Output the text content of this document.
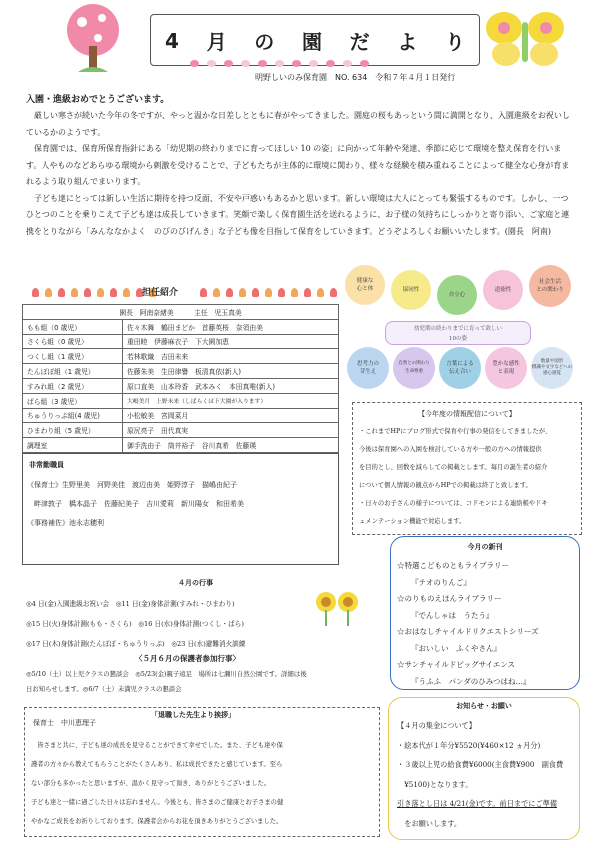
4 月 の 園 だ よ り
明野しいのみ保育園　NO. 634　令和７年４月１日発行
入園・進級おめでとうございます。

　厳しい寒さが続いた今年の冬ですが、やっと温かな日差しとともに春がやってきました。園庭の桜もあっという間に満開となり、入園進級をお祝いしているかのようです。

　保育園では、保育所保育指針にある「幼児期の終わりまでに育ってほしい 10 の姿」に向かって年齢や発達、季節に応じて環境を整え保育を行います。人やものなどあらゆる環境から刺激を受けることで、子どもたちが主体的に環境に関わり、様々な経験を積み重ねることによって健全な心身が育まれるよう取り組んでまいります。

　子ども達にとっては新しい生活に期待を持つ反面、不安や戸惑いもあるかと思います。新しい環境は大人にとっても緊張するものです。しかし、一つひとつのことを乗りこえて子ども達は成長していきます。笑顔で楽しく保育園生活を送れるように、お子様の気持ちにしっかりと寄り添い、ご家庭と連携をとりながら「みんななかよく　のびのびげんき」な子ども像を目指して保育をしていきます。どうぞよろしくお願いいたします。(園長　阿南)

担任紹介
園長　阿南奈緒美　　　主任　児玉真美	
もも組（0 歳児）	佐々木舞　鶴田まどか　首藤英桜　奈須由美
さくら組（0 歳児）	重田睦　伊藤麻衣子　下大園加恵
つくし組（1 歳児）	若林歌織　吉田未来
たんぽぽ組（1 歳児）	佐藤朱美　生田律譽　板清真依(新人)
すみれ組（2 歳児）	原口直美　山本玲香　武本みく　本田真唯(新人)
ばら組（3 歳児）	大嶋美月　上野未来（しばらくは下大園が入ります）
ちゅうりっぷ組(4 歳児)	小松敏美　宮岡菜月
ひまわり組（5 歳児）	原尻亮子　田代真実
調理室	御手洗由子　筒井裕子　谷川真希　佐藤瑛
非常勤職員
《保育士》生野里美　河野美佳　渡辺由美　姫野淳子　猫嶋由紀子
　畔津敦子　橋本晶子　佐藤紀美子　吉川愛莉　新川陽女　和田希美
《事務補佐》池永志穂利
健康な
心と体	協同性
自立心
道徳性
社会生活
との関わり
幼児期の終わりまでに育って欲しい
10の姿
思考力の
芽生え
自然との関わり
生命尊重
言葉による
伝え合い
豊かな感性
と表現
数量や図形
標識や文字などへの
感心感覚
【今年度の情報配信について】
・これまでHPにブログ形式で保育や行事の発信をしてきましたが、
今後は保育園への入園を検討している方や一般の方への情報提供
を目的とし、回数を減らしての掲載とします。毎月の誕生者の紹介
について個人情報の観点からHPでの掲載は終了と致します。
・日々のお子さんの様子については、コドモンによる連絡帳やドキ
ュメンテーション機能で対応します。
今月の新刊
☆特選こどものともライブラリー
『テオのりんご』
☆のりものえほんライブラリー
『でんしゃは　うたう』
☆おはなしチャイルドリクエストシリーズ
『おいしい　ふくやさん』
☆サンチャイルドビッグサイエンス
『うふふ　パンダのひみつはね…』
４月の行事
◎4 日(金)入園進級お祝い会　◎11 日(金)身体計測(すみれ・ひまわり)
◎15 日(火)身体計測(もも・さくら)　◎16 日(水)身体計測(つくし・ばら)
◎17 日(木)身体計測(たんぽぽ・ちゅうりっぷ)　◎23 日(水)避難消火訓練
〈５月６月の保護者参加行事〉
◎5/10（土）以上児クラスの懇談会　◎5/23(金)親子遠足　場所は七瀬川自然公園です。詳細は後
日お知らせします。◎6/7（土）未満児クラスの懇談会
「退職した先生より挨拶」
保育士　中川恵理子
　皆さまと共に、子ども達の成長を見守ることができて幸せでした。また、子ども達や保
護者の方々から教えてもらうことがたくさんあり、私は成長できたと感じています。至ら
ない部分も多かったと思いますが、温かく見守って頂き、ありがとうございました。
子ども達と一緒に過ごした日々は忘れません。今後とも、皆さまのご健康とお子さまの健
やかなご成長をお祈りしております。保護者会からお花を頂きありがとうございました。
お知らせ・お願い
【４月の集金について】
・絵本代が１年分¥5520(¥460×12 ヵ月分)
・３歳以上児の給食費¥6000(主食費¥900　副食費
　¥5100)となります。
引き落とし日は 4/21(金)です。前日までにご準備
　をお願いします。
